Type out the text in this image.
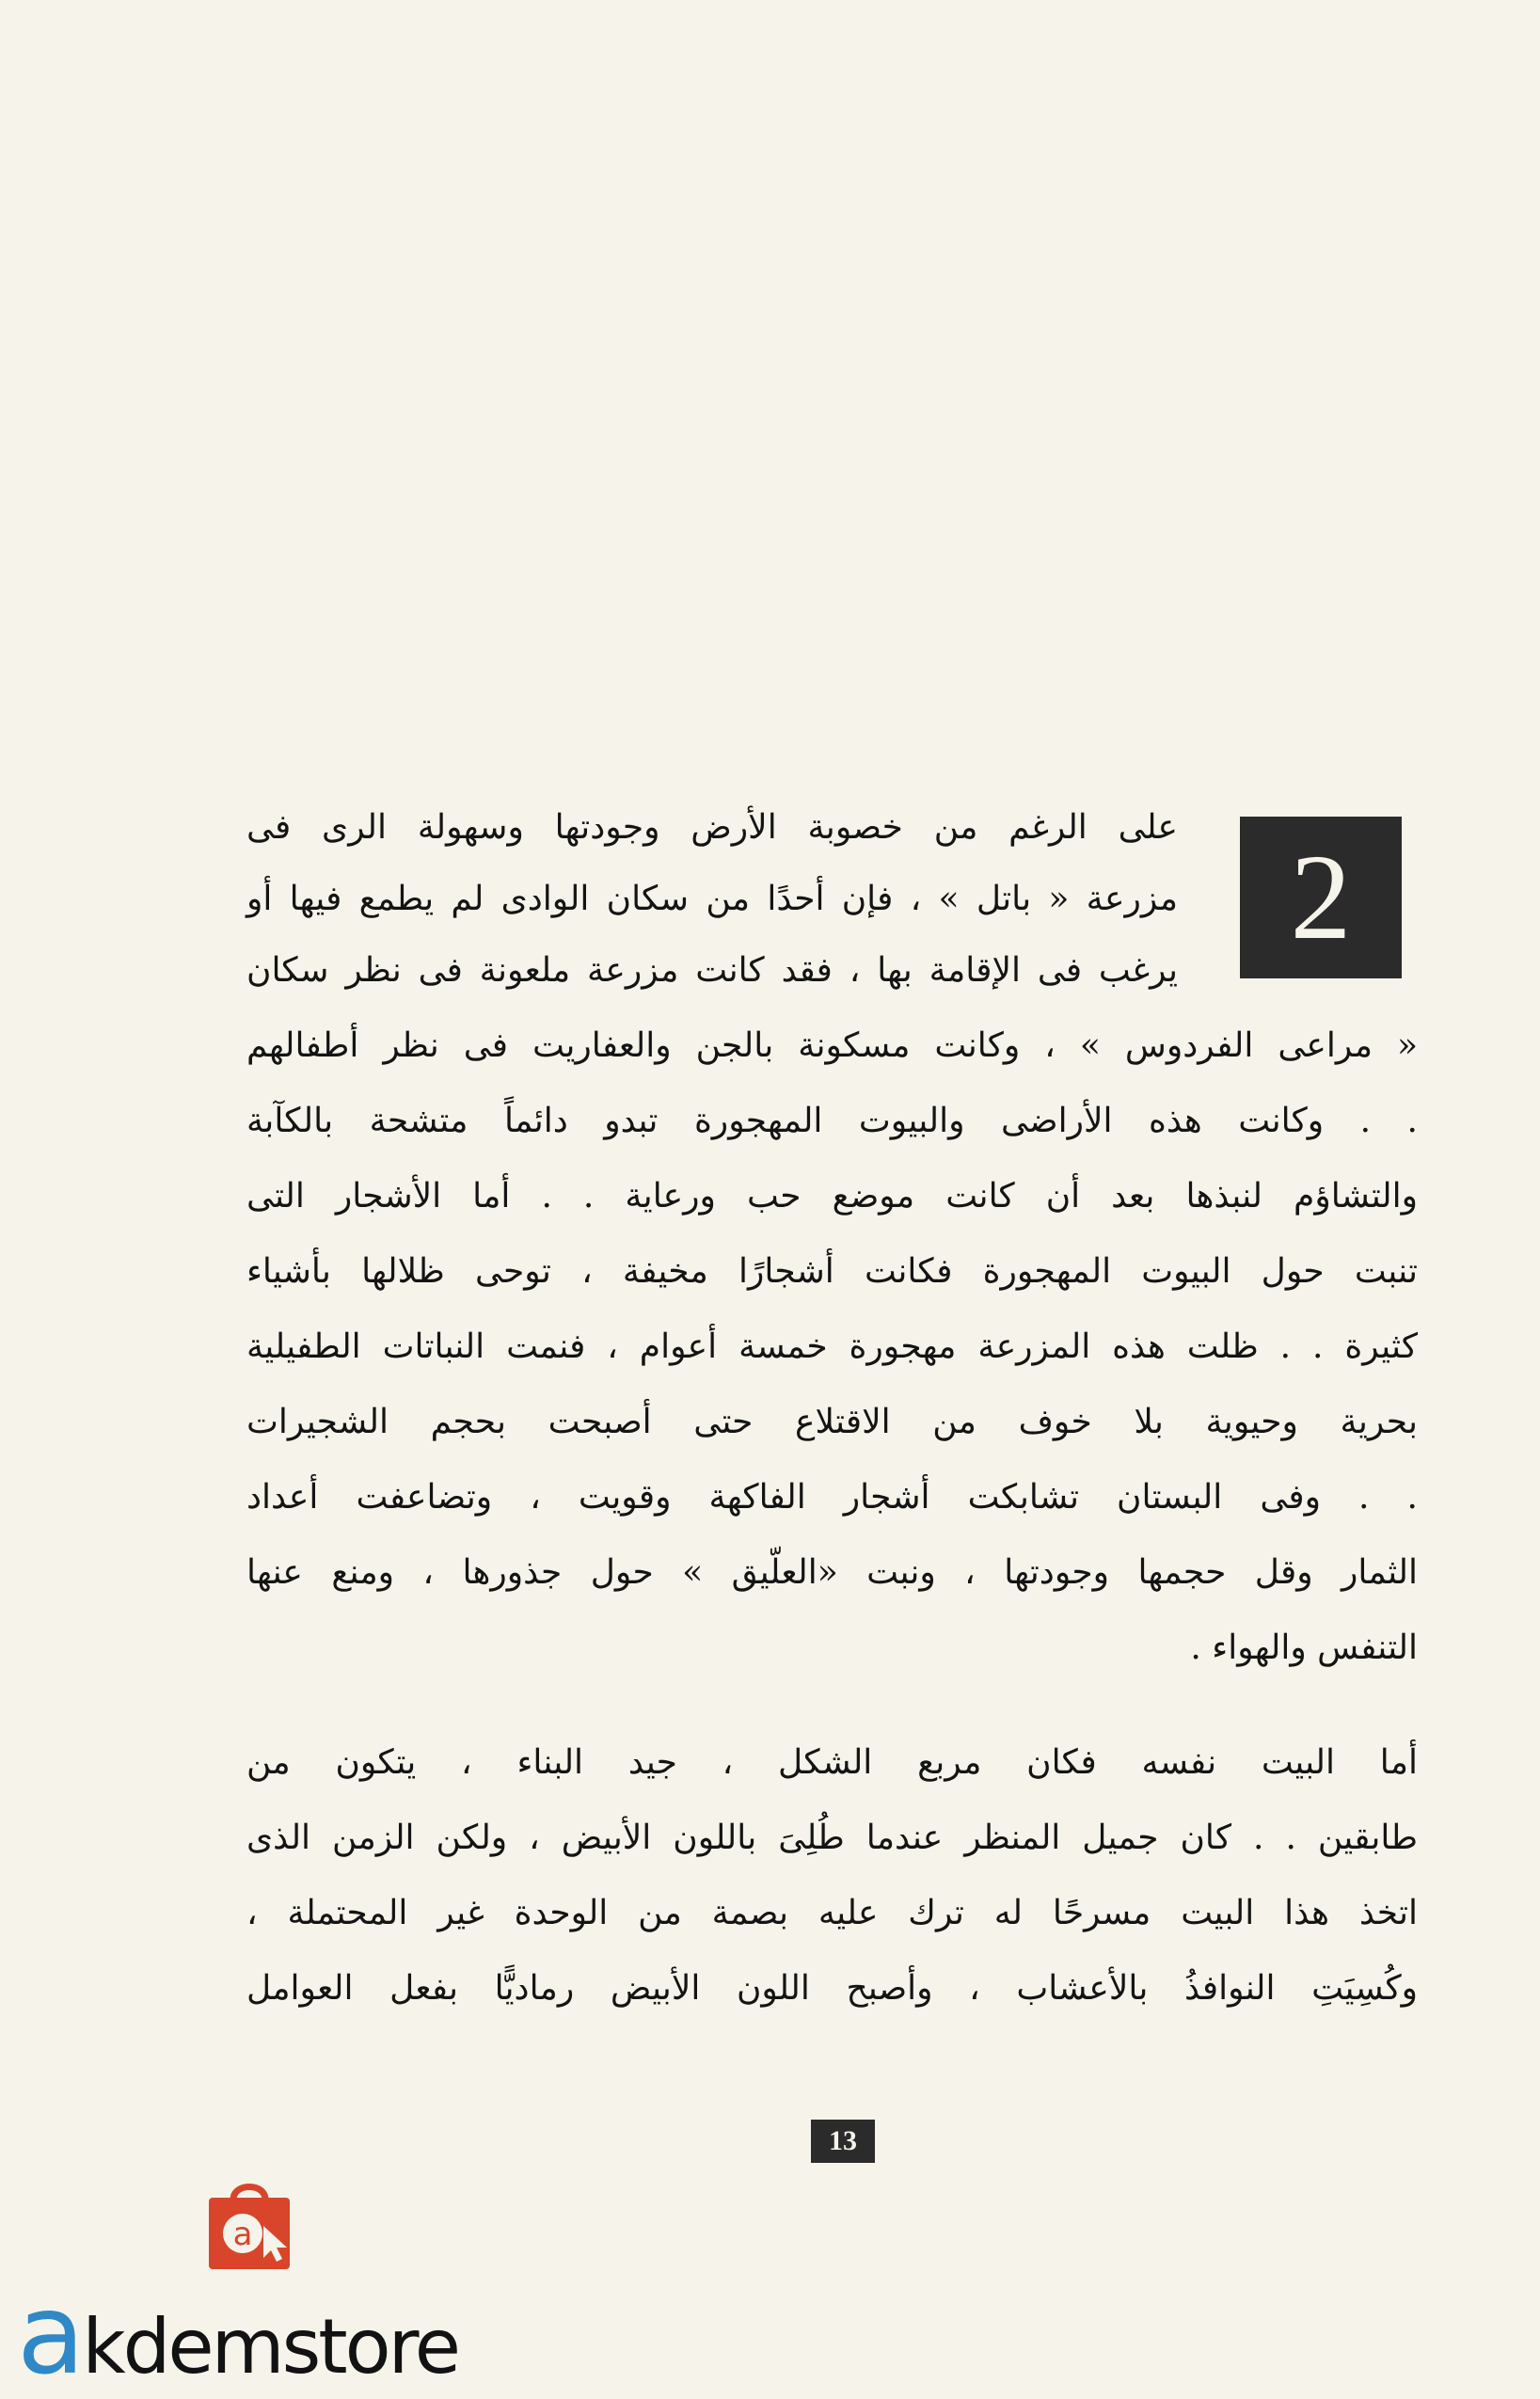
2
على الرغم من خصوبة الأرض وجودتها وسهولة الرى فى
مزرعة « باتل » ، فإن أحدًا من سكان الوادى لم يطمع فيها أو
يرغب فى الإقامة بها ، فقد كانت مزرعة ملعونة فى نظر سكان
« مراعى الفردوس » ، وكانت مسكونة بالجن والعفاريت فى نظر أطفالهم
. . وكانت هذه الأراضى والبيوت المهجورة تبدو دائماً متشحة بالكآبة
والتشاؤم لنبذها بعد أن كانت موضع حب ورعاية . . أما الأشجار التى
تنبت حول البيوت المهجورة فكانت أشجارًا مخيفة ، توحى ظلالها بأشياء
كثيرة . . ظلت هذه المزرعة مهجورة خمسة أعوام ، فنمت النباتات الطفيلية
بحرية وحيوية بلا خوف من الاقتلاع حتى أصبحت بحجم الشجيرات
. . وفى البستان تشابكت أشجار الفاكهة وقويت ، وتضاعفت أعداد
الثمار وقل حجمها وجودتها ، ونبت «العلّيق » حول جذورها ، ومنع عنها
التنفس والهواء .
أما البيت نفسه فكان مربع الشكل ، جيد البناء ، يتكون من
طابقين . . كان جميل المنظر عندما طُلِىَ باللون الأبيض ، ولكن الزمن الذى
اتخذ هذا البيت مسرحًا له ترك عليه بصمة من الوحدة غير المحتملة ،
وكُسِيَتِ النوافذُ بالأعشاب ، وأصبح اللون الأبيض رماديًّا بفعل العوامل
13
a
akdemstore
